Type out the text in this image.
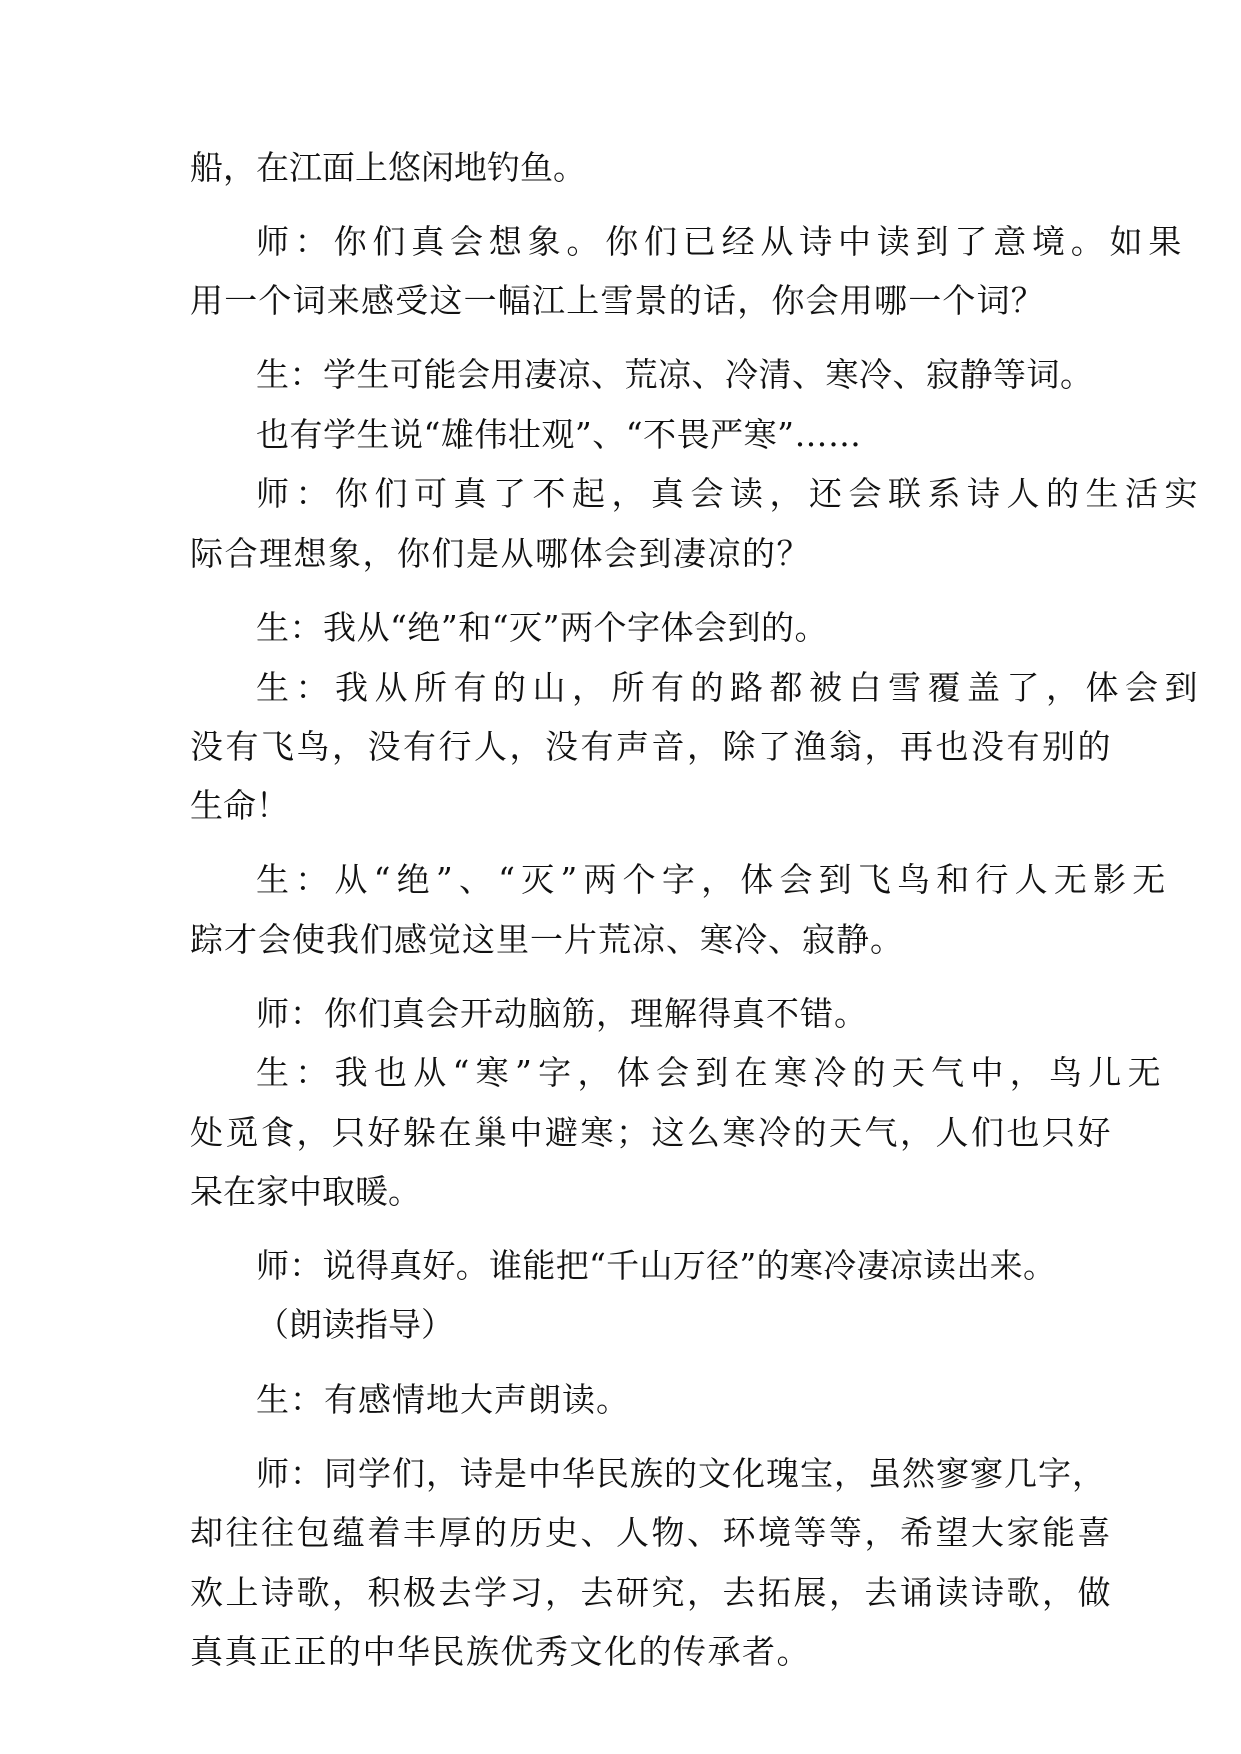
船，在江面上悠闲地钓鱼。
师：你们真会想象。你们已经从诗中读到了意境。如果
用一个词来感受这一幅江上雪景的话，你会用哪一个词？
生：学生可能会用凄凉、荒凉、冷清、寒冷、寂静等词。
也有学生说“雄伟壮观”、“不畏严寒”……
师：你们可真了不起，真会读，还会联系诗人的生活实
际合理想象，你们是从哪体会到凄凉的？
生：我从“绝”和“灭”两个字体会到的。
生：我从所有的山，所有的路都被白雪覆盖了，体会到
没有飞鸟，没有行人，没有声音，除了渔翁，再也没有别的
生命！
生：从“绝”、“灭”两个字，体会到飞鸟和行人无影无
踪才会使我们感觉这里一片荒凉、寒冷、寂静。
师：你们真会开动脑筋，理解得真不错。
生：我也从“寒”字，体会到在寒冷的天气中，鸟儿无
处觅食，只好躲在巢中避寒；这么寒冷的天气，人们也只好
呆在家中取暖。
师：说得真好。谁能把“千山万径”的寒冷凄凉读出来。
（朗读指导）
生：有感情地大声朗读。
师：同学们，诗是中华民族的文化瑰宝，虽然寥寥几字，
却往往包蕴着丰厚的历史、人物、环境等等，希望大家能喜
欢上诗歌，积极去学习，去研究，去拓展，去诵读诗歌，做
真真正正的中华民族优秀文化的传承者。
